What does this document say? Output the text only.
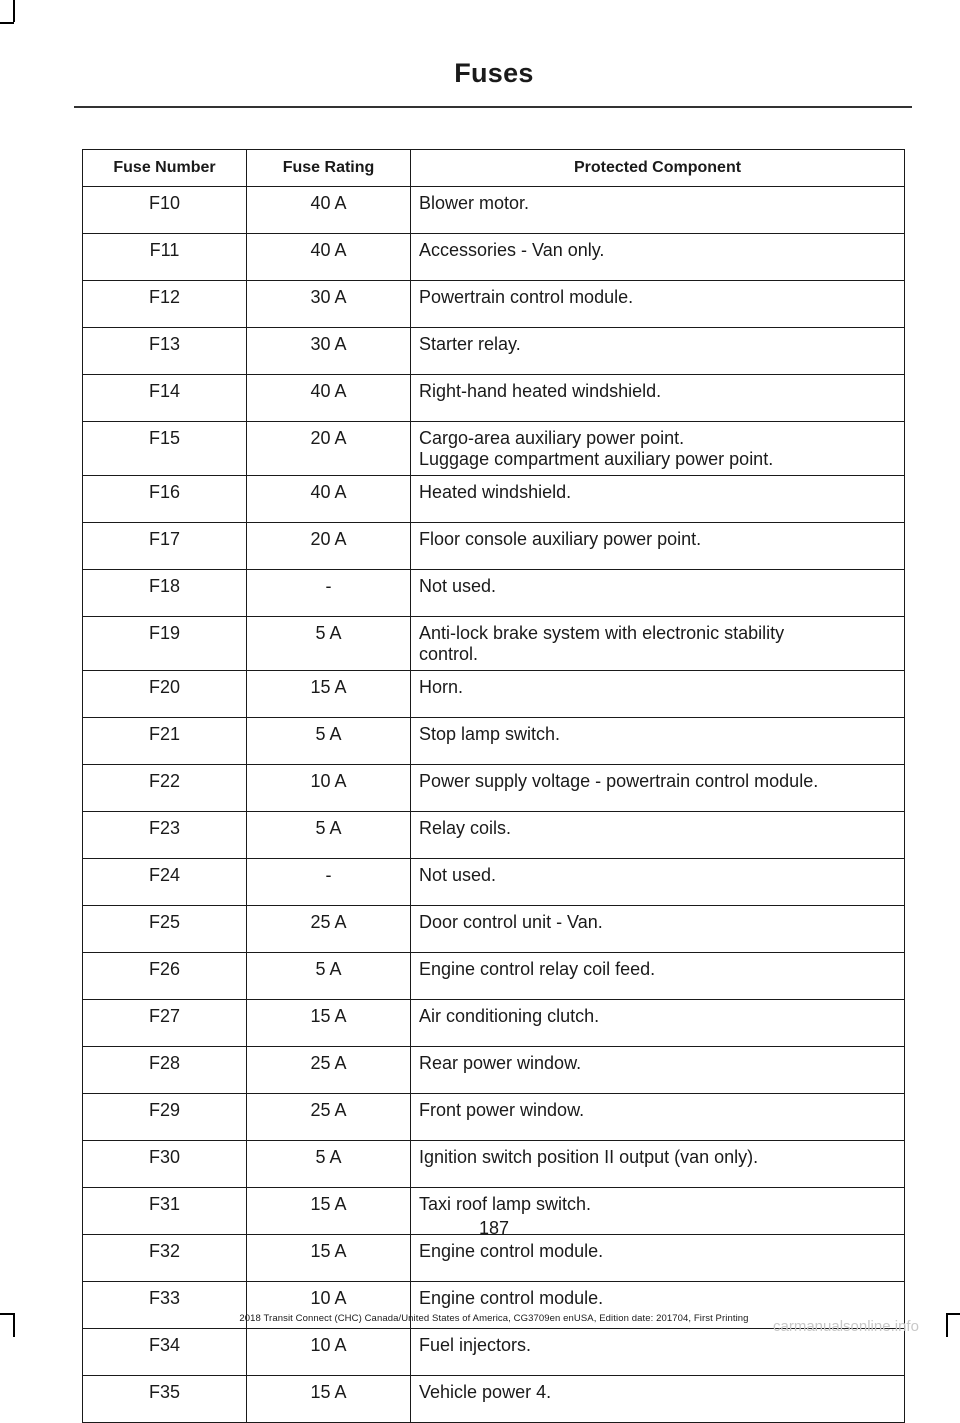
Fuses
Fuse Number	Fuse Rating	Protected Component
F10	40 A	Blower motor.
F11	40 A	Accessories - Van only.
F12	30 A	Powertrain control module.
F13	30 A	Starter relay.
F14	40 A	Right-hand heated windshield.
F15	20 A	Cargo-area auxiliary power point.
Luggage compartment auxiliary power point.
F16	40 A	Heated windshield.
F17	20 A	Floor console auxiliary power point.
F18	-	Not used.
F19	5 A	Anti-lock brake system with electronic stability
control.
F20	15 A	Horn.
F21	5 A	Stop lamp switch.
F22	10 A	Power supply voltage - powertrain control module.
F23	5 A	Relay coils.
F24	-	Not used.
F25	25 A	Door control unit - Van.
F26	5 A	Engine control relay coil feed.
F27	15 A	Air conditioning clutch.
F28	25 A	Rear power window.
F29	25 A	Front power window.
F30	5 A	Ignition switch position II output (van only).
F31	15 A	Taxi roof lamp switch.
F32	15 A	Engine control module.
F33	10 A	Engine control module.
F34	10 A	Fuel injectors.
F35	15 A	Vehicle power 4.
187
2018 Transit Connect (CHC) Canada/United States of America, CG3709en enUSA, Edition date: 201704, First Printing	carmanualsonline.info
